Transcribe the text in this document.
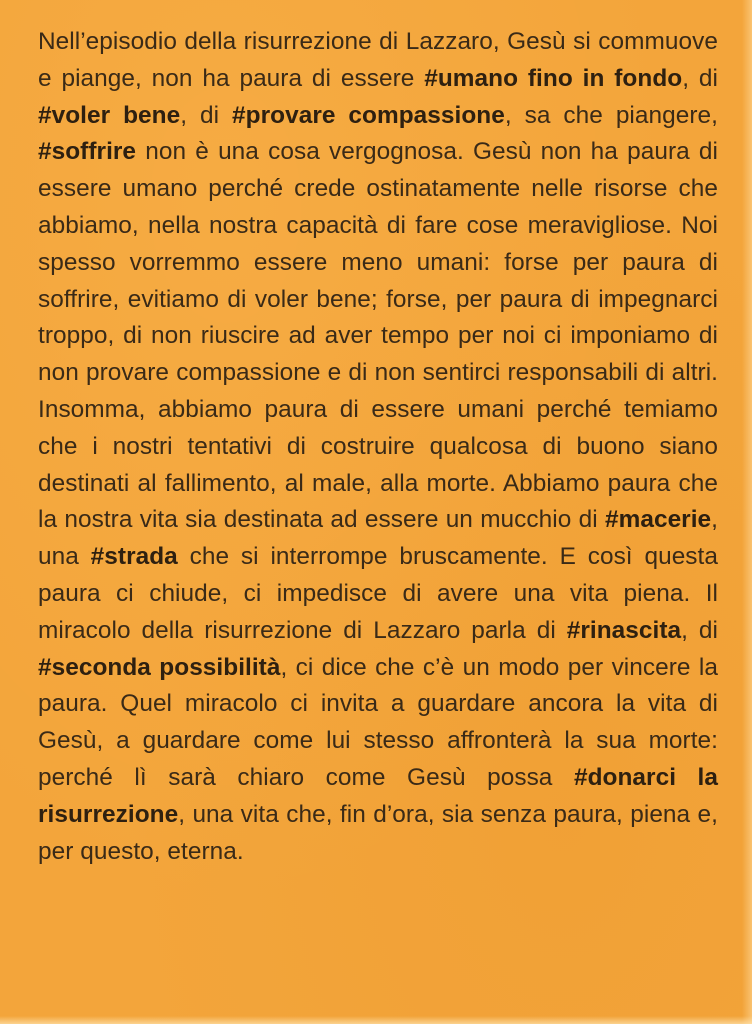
Nell’episodio della risurrezione di Lazzaro, Gesù si commuove e piange, non ha paura di essere #umano fino in fondo, di #voler bene, di #provare compassione, sa che piangere, #soffrire non è una cosa vergognosa. Gesù non ha paura di essere umano perché crede ostinatamente nelle risorse che abbiamo, nella nostra capacità di fare cose meravigliose. Noi spesso vorremmo essere meno umani: forse per paura di soffrire, evitiamo di voler bene; forse, per paura di impegnarci troppo, di non riuscire ad aver tempo per noi ci imponiamo di non provare compassione e di non sentirci responsabili di altri. Insomma, abbiamo paura di essere umani perché temiamo che i nostri tentativi di costruire qualcosa di buono siano destinati al fallimento, al male, alla morte. Abbiamo paura che la nostra vita sia destinata ad essere un mucchio di #macerie, una #strada che si interrompe bruscamente. E così questa paura ci chiude, ci impedisce di avere una vita piena. Il miracolo della risurrezione di Lazzaro parla di #rinascita, di #seconda possibilità, ci dice che c’è un modo per vincere la paura. Quel miracolo ci invita a guardare ancora la vita di Gesù, a guardare come lui stesso affronterà la sua morte: perché lì sarà chiaro come Gesù possa #donarci la risurrezione, una vita che, fin d’ora, sia senza paura, piena e, per questo, eterna.
